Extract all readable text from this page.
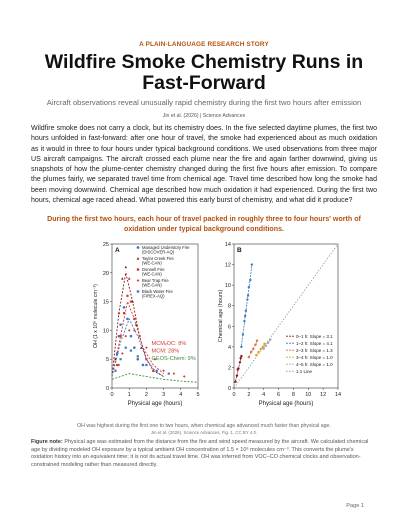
A PLAIN-LANGUAGE RESEARCH STORY
Wildfire Smoke Chemistry Runs in Fast-Forward
Aircraft observations reveal unusually rapid chemistry during the first two hours after emission
Jin et al. (2026) | Science Advances

Wildfire smoke does not carry a clock, but its chemistry does. In the five selected daytime plumes, the first two hours unfolded in fast-forward: after one hour of travel, the smoke had experienced about as much oxidation as it would in three to four hours under typical background conditions. We used observations from three major US aircraft campaigns. The aircraft crossed each plume near the fire and again farther downwind, giving us snapshots of how the plume-center chemistry changed during the first five hours after emission. To compare the plumes fairly, we separated travel time from chemical age. Travel time described how long the smoke had been moving downwind. Chemical age described how much oxidation it had experienced. During the first two hours, chemical age raced ahead. What powered this early burst of chemistry, and what did it produce?

During the first two hours, each hour of travel packed in roughly three to four hours' worth of oxidation under typical background conditions.

0	1	2	3	4	5
0
5
10
15
20
25
Physical age (hours)
OH (1 x 10⁶ molecule cm⁻³)
A	Managed Understory Fire
(DISCOVER-AQ)
Taylor Creek Fire
(WE-CAN)
Donnell Fire
(WE-CAN)
Bear Trap Fire
(WE-CAN)
Black Water Fire
(FIREX-AQ)
MCMᵥOC: 8%
MCM: 28%
GEOS-Chem: 9%
0 2 4 6 8 10 12 14
0
2
4
6
8
10
12
14
Physical age (hours)
Chemical age (hours)
B
0–1 h: Slope = 3.1
1–2 h: Slope = 4.1
2–3 h: Slope = 1.3
3–4 h: Slope = 1.0
4–5 h: Slope = 1.0
1:1 Line
OH was highest during the first one to two hours, when chemical age advanced much faster than physical age.
Jin et al. (2026), Science Advances, Fig. 1, CC BY 4.0.

Figure note: Physical age was estimated from the distance from the fire and wind speed measured by the aircraft. We calculated chemical age by dividing modeled OH exposure by a typical ambient OH concentration of 1.5 × 10⁶ molecules cm⁻³. This converts the plume's oxidation history into an equivalent time; it is not its actual travel time. OH was inferred from VOC–CO chemical clocks and observation-constrained modeling rather than measured directly.

Page 1
